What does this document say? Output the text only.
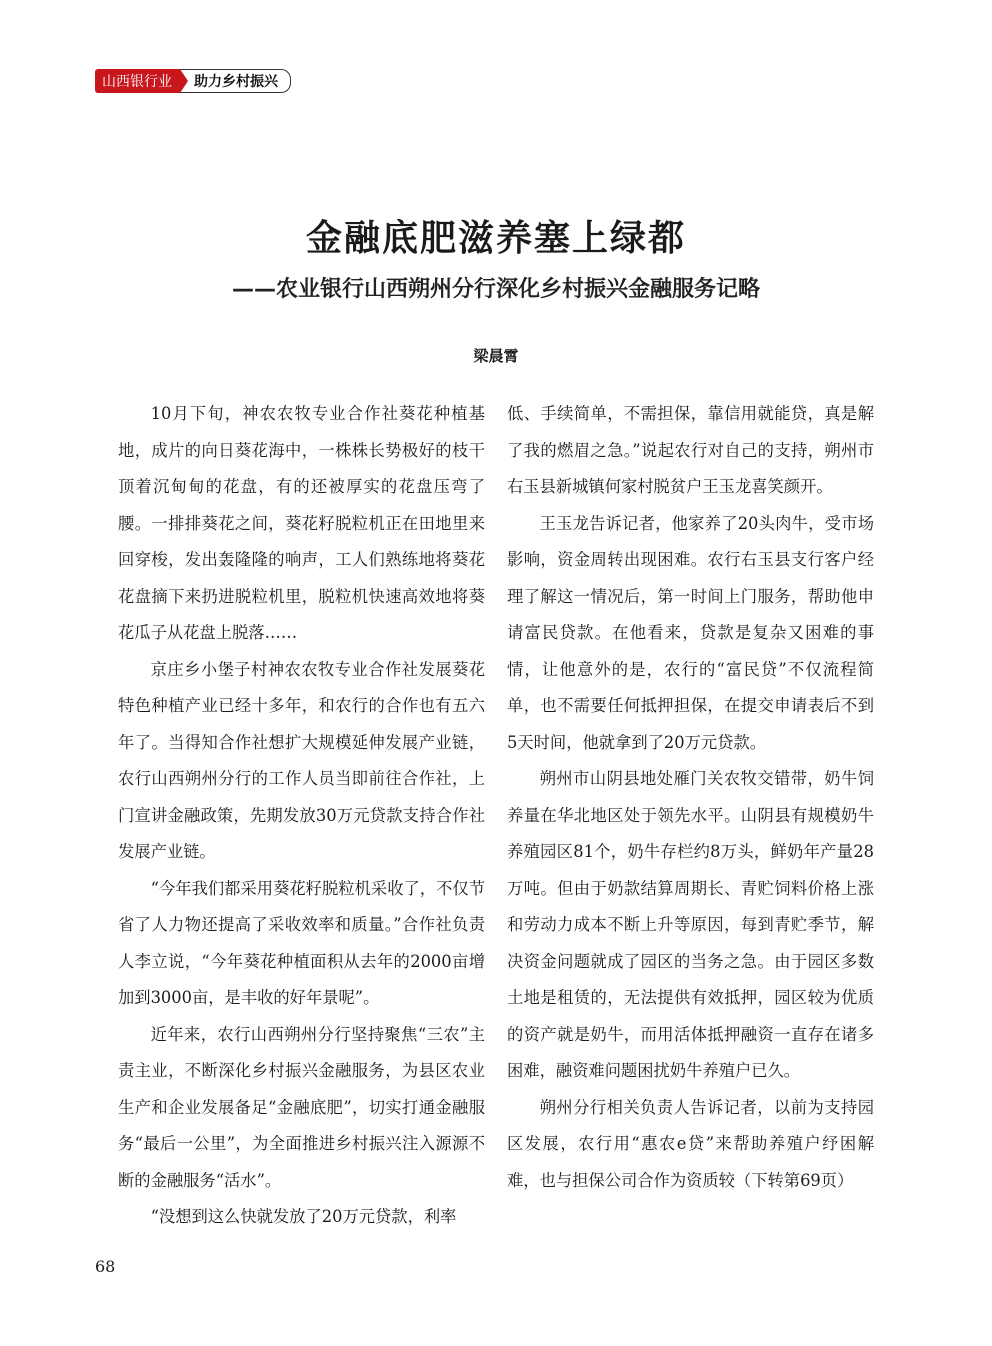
山西银行业	助力乡村振兴
金融底肥滋养塞上绿都
——农业银行山西朔州分行深化乡村振兴金融服务记略
梁晨霄

10月下旬，神农农牧专业合作社葵花种植基地，成片的向日葵花海中，一株株长势极好的枝干顶着沉甸甸的花盘，有的还被厚实的花盘压弯了腰。一排排葵花之间，葵花籽脱粒机正在田地里来回穿梭，发出轰隆隆的响声，工人们熟练地将葵花花盘摘下来扔进脱粒机里，脱粒机快速高效地将葵花瓜子从花盘上脱落……

京庄乡小堡子村神农农牧专业合作社发展葵花特色种植产业已经十多年，和农行的合作也有五六年了。当得知合作社想扩大规模延伸发展产业链，农行山西朔州分行的工作人员当即前往合作社，上门宣讲金融政策，先期发放30万元贷款支持合作社发展产业链。

“今年我们都采用葵花籽脱粒机采收了，不仅节省了人力物还提高了采收效率和质量。”合作社负责人李立说，“今年葵花种植面积从去年的2000亩增加到3000亩，是丰收的好年景呢”。

近年来，农行山西朔州分行坚持聚焦“三农”主责主业，不断深化乡村振兴金融服务，为县区农业生产和企业发展备足“金融底肥”，切实打通金融服务“最后一公里”，为全面推进乡村振兴注入源源不断的金融服务“活水”。

“没想到这么快就发放了20万元贷款，利率

低、手续简单，不需担保，靠信用就能贷，真是解了我的燃眉之急。”说起农行对自己的支持，朔州市右玉县新城镇何家村脱贫户王玉龙喜笑颜开。

王玉龙告诉记者，他家养了20头肉牛，受市场影响，资金周转出现困难。农行右玉县支行客户经理了解这一情况后，第一时间上门服务，帮助他申请富民贷款。在他看来，贷款是复杂又困难的事情，让他意外的是，农行的“富民贷”不仅流程简单，也不需要任何抵押担保，在提交申请表后不到5天时间，他就拿到了20万元贷款。

朔州市山阴县地处雁门关农牧交错带，奶牛饲养量在华北地区处于领先水平。山阴县有规模奶牛养殖园区81个，奶牛存栏约8万头，鲜奶年产量28万吨。但由于奶款结算周期长、青贮饲料价格上涨和劳动力成本不断上升等原因，每到青贮季节，解决资金问题就成了园区的当务之急。由于园区多数土地是租赁的，无法提供有效抵押，园区较为优质的资产就是奶牛，而用活体抵押融资一直存在诸多困难，融资难问题困扰奶牛养殖户已久。

朔州分行相关负责人告诉记者，以前为支持园区发展，农行用“惠农e贷”来帮助养殖户纾困解难，也与担保公司合作为资质较（下转第69页）

68
